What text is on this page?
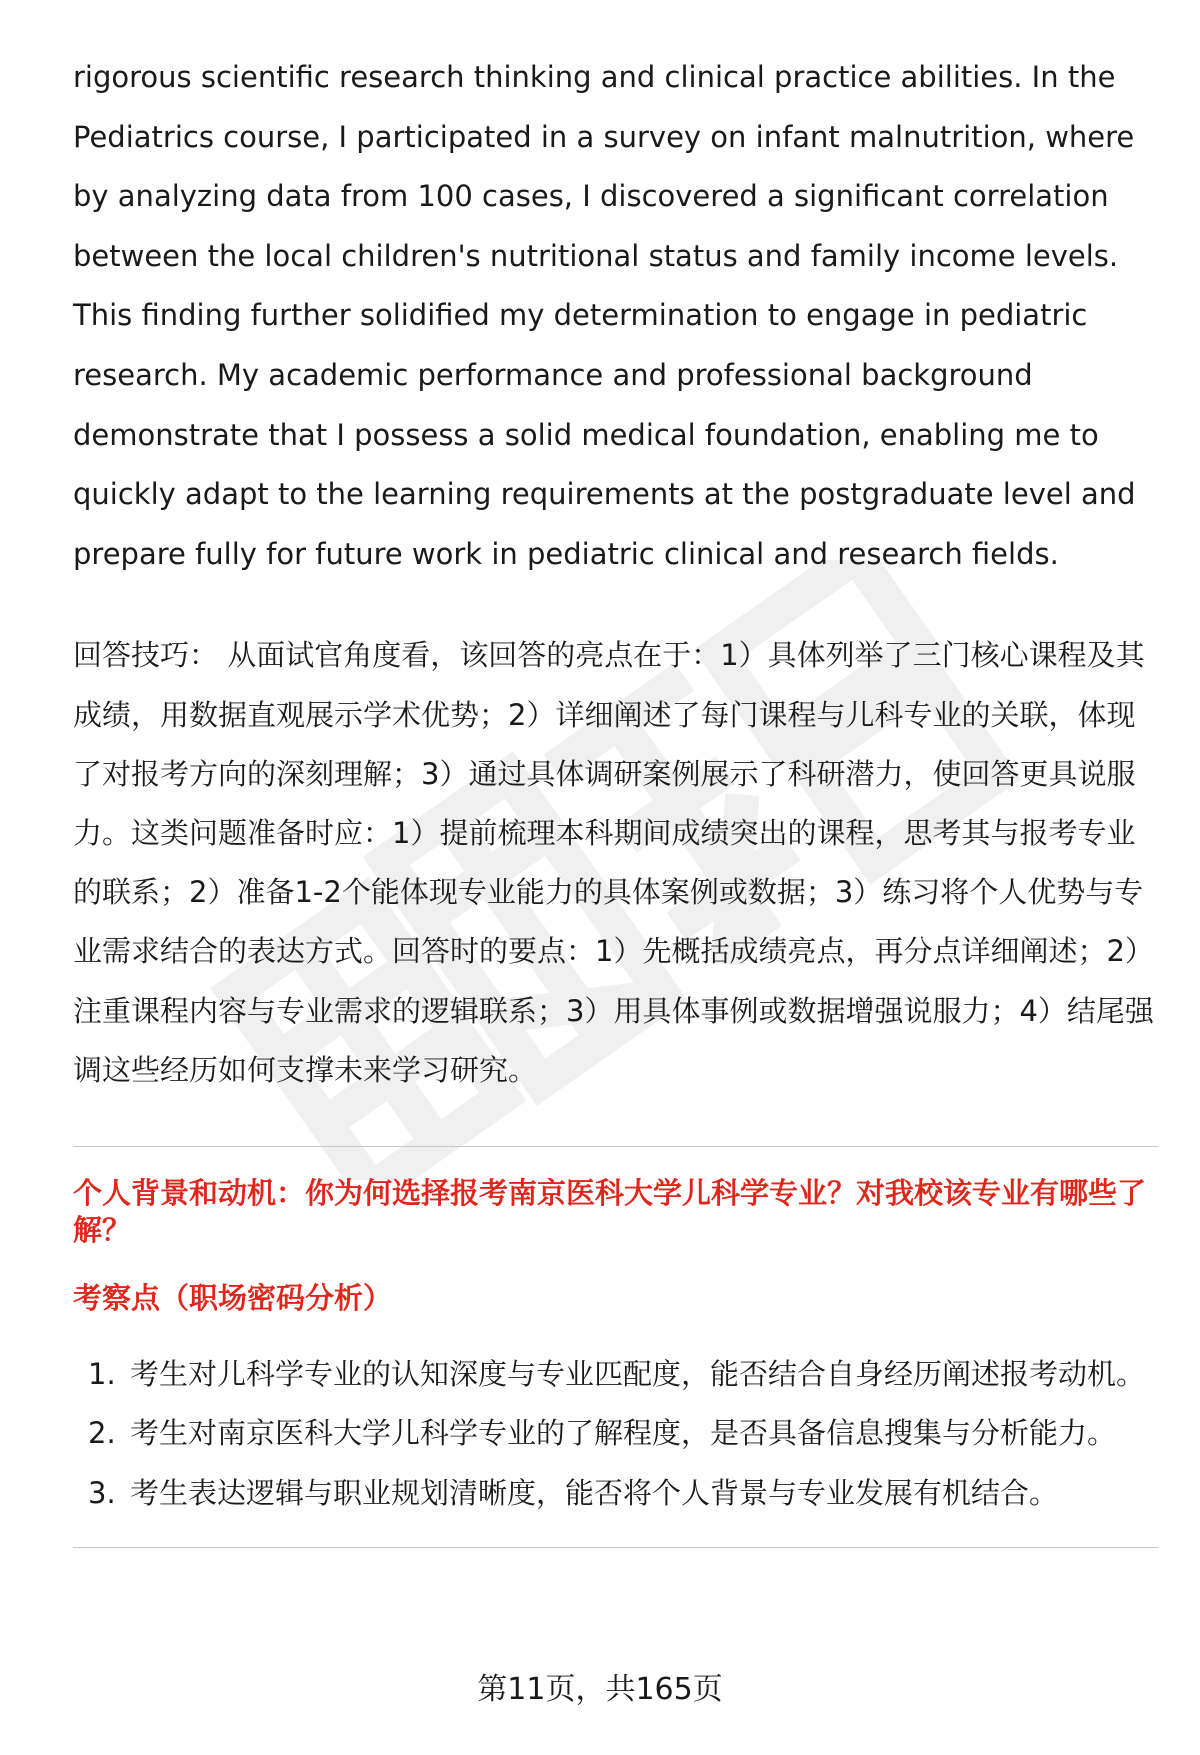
rigorous scientific research thinking and clinical practice abilities. In the Pediatrics course, I participated in a survey on infant malnutrition, where by analyzing data from 100 cases, I discovered a significant correlation between the local children's nutritional status and family income levels. This finding further solidified my determination to engage in pediatric research. My academic performance and professional background demonstrate that I possess a solid medical foundation, enabling me to quickly adapt to the learning requirements at the postgraduate level and prepare fully for future work in pediatric clinical and research fields.

回答技巧： 从面试官角度看，该回答的亮点在于：1）具体列举了三门核心课程及其成绩，用数据直观展示学术优势；2）详细阐述了每门课程与儿科专业的关联，体现了对报考方向的深刻理解；3）通过具体调研案例展示了科研潜力，使回答更具说服力。这类问题准备时应：1）提前梳理本科期间成绩突出的课程，思考其与报考专业的联系；2）准备1-2个能体现专业能力的具体案例或数据；3）练习将个人优势与专业需求结合的表达方式。回答时的要点：1）先概括成绩亮点，再分点详细阐述；2）注重课程内容与专业需求的逻辑联系；3）用具体事例或数据增强说服力；4）结尾强调这些经历如何支撑未来学习研究。

个人背景和动机：你为何选择报考南京医科大学儿科学专业？对我校该专业有哪些了解？

考察点（职场密码分析）

1. 考生对儿科学专业的认知深度与专业匹配度，能否结合自身经历阐述报考动机。
2. 考生对南京医科大学儿科学专业的了解程度，是否具备信息搜集与分析能力。
3. 考生表达逻辑与职业规划清晰度，能否将个人背景与专业发展有机结合。
第11页，共165页
